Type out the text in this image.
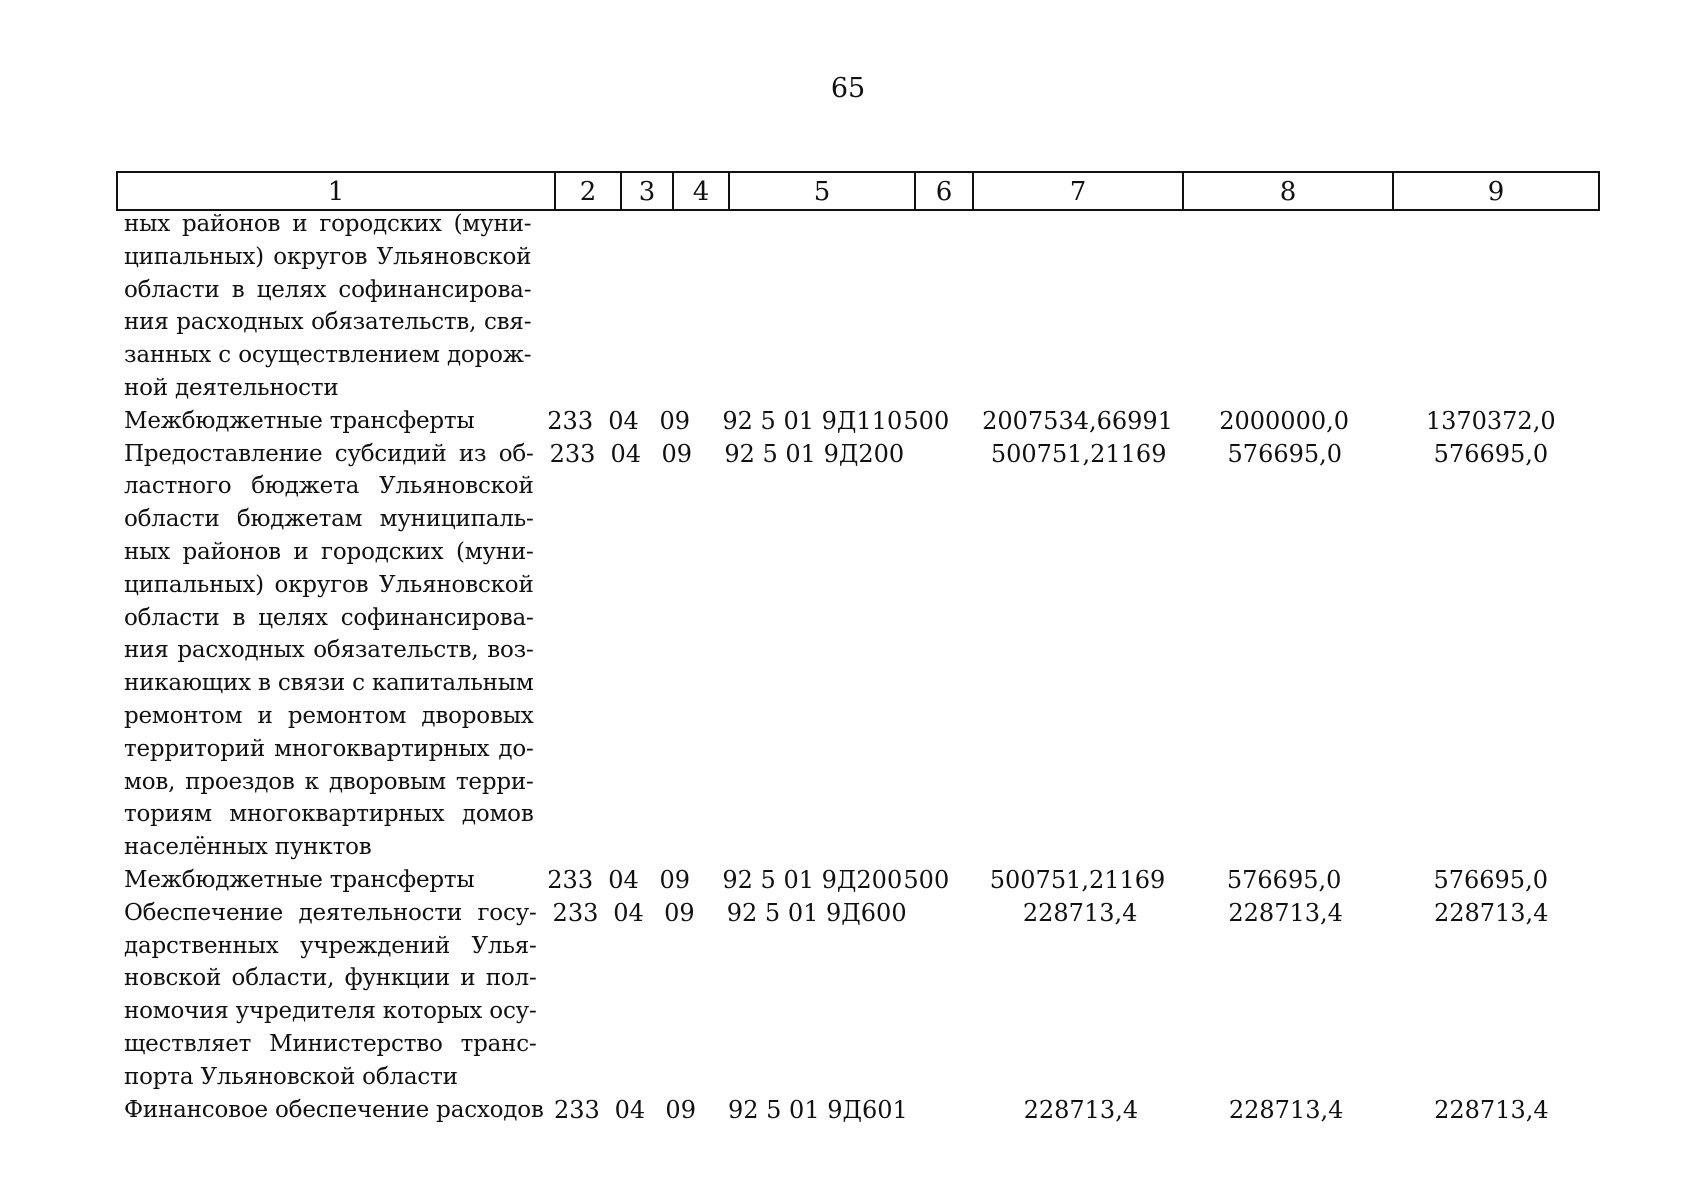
65
1	2	3	4	5	6	7	8	9
ных районов и городских (муни-
ципальных) округов Ульяновской
области в целях софинансирова-
ния расходных обязательств, свя-
занных с осуществлением дорож-
ной деятельности
Межбюджетные трансферты	233 04 09	92 5 01 9Д110 500	2007534,66991	2000000,0	1370372,0
Предоставление субсидий из об-
ластного бюджета Ульяновской
области бюджетам муниципаль-
ных районов и городских (муни-
ципальных) округов Ульяновской
области в целях софинансирова-
ния расходных обязательств, воз-
никающих в связи с капитальным
ремонтом и ремонтом дворовых
территорий многоквартирных до-
мов, проездов к дворовым терри-
ториям многоквартирных домов
населённых пунктов
233 04 09	92 5 01 9Д200	500751,21169	576695,0	576695,0
Межбюджетные трансферты	233 04 09	92 5 01 9Д200 500	500751,21169	576695,0	576695,0
Обеспечение деятельности госу-
дарственных учреждений Улья-
новской области, функции и пол-
номочия учредителя которых осу-
ществляет Министерство транс-
порта Ульяновской области
233 04 09	92 5 01 9Д600	228713,4	228713,4	228713,4
Финансовое обеспечение расходов 233 04 09	92 5 01 9Д601	228713,4	228713,4	228713,4
